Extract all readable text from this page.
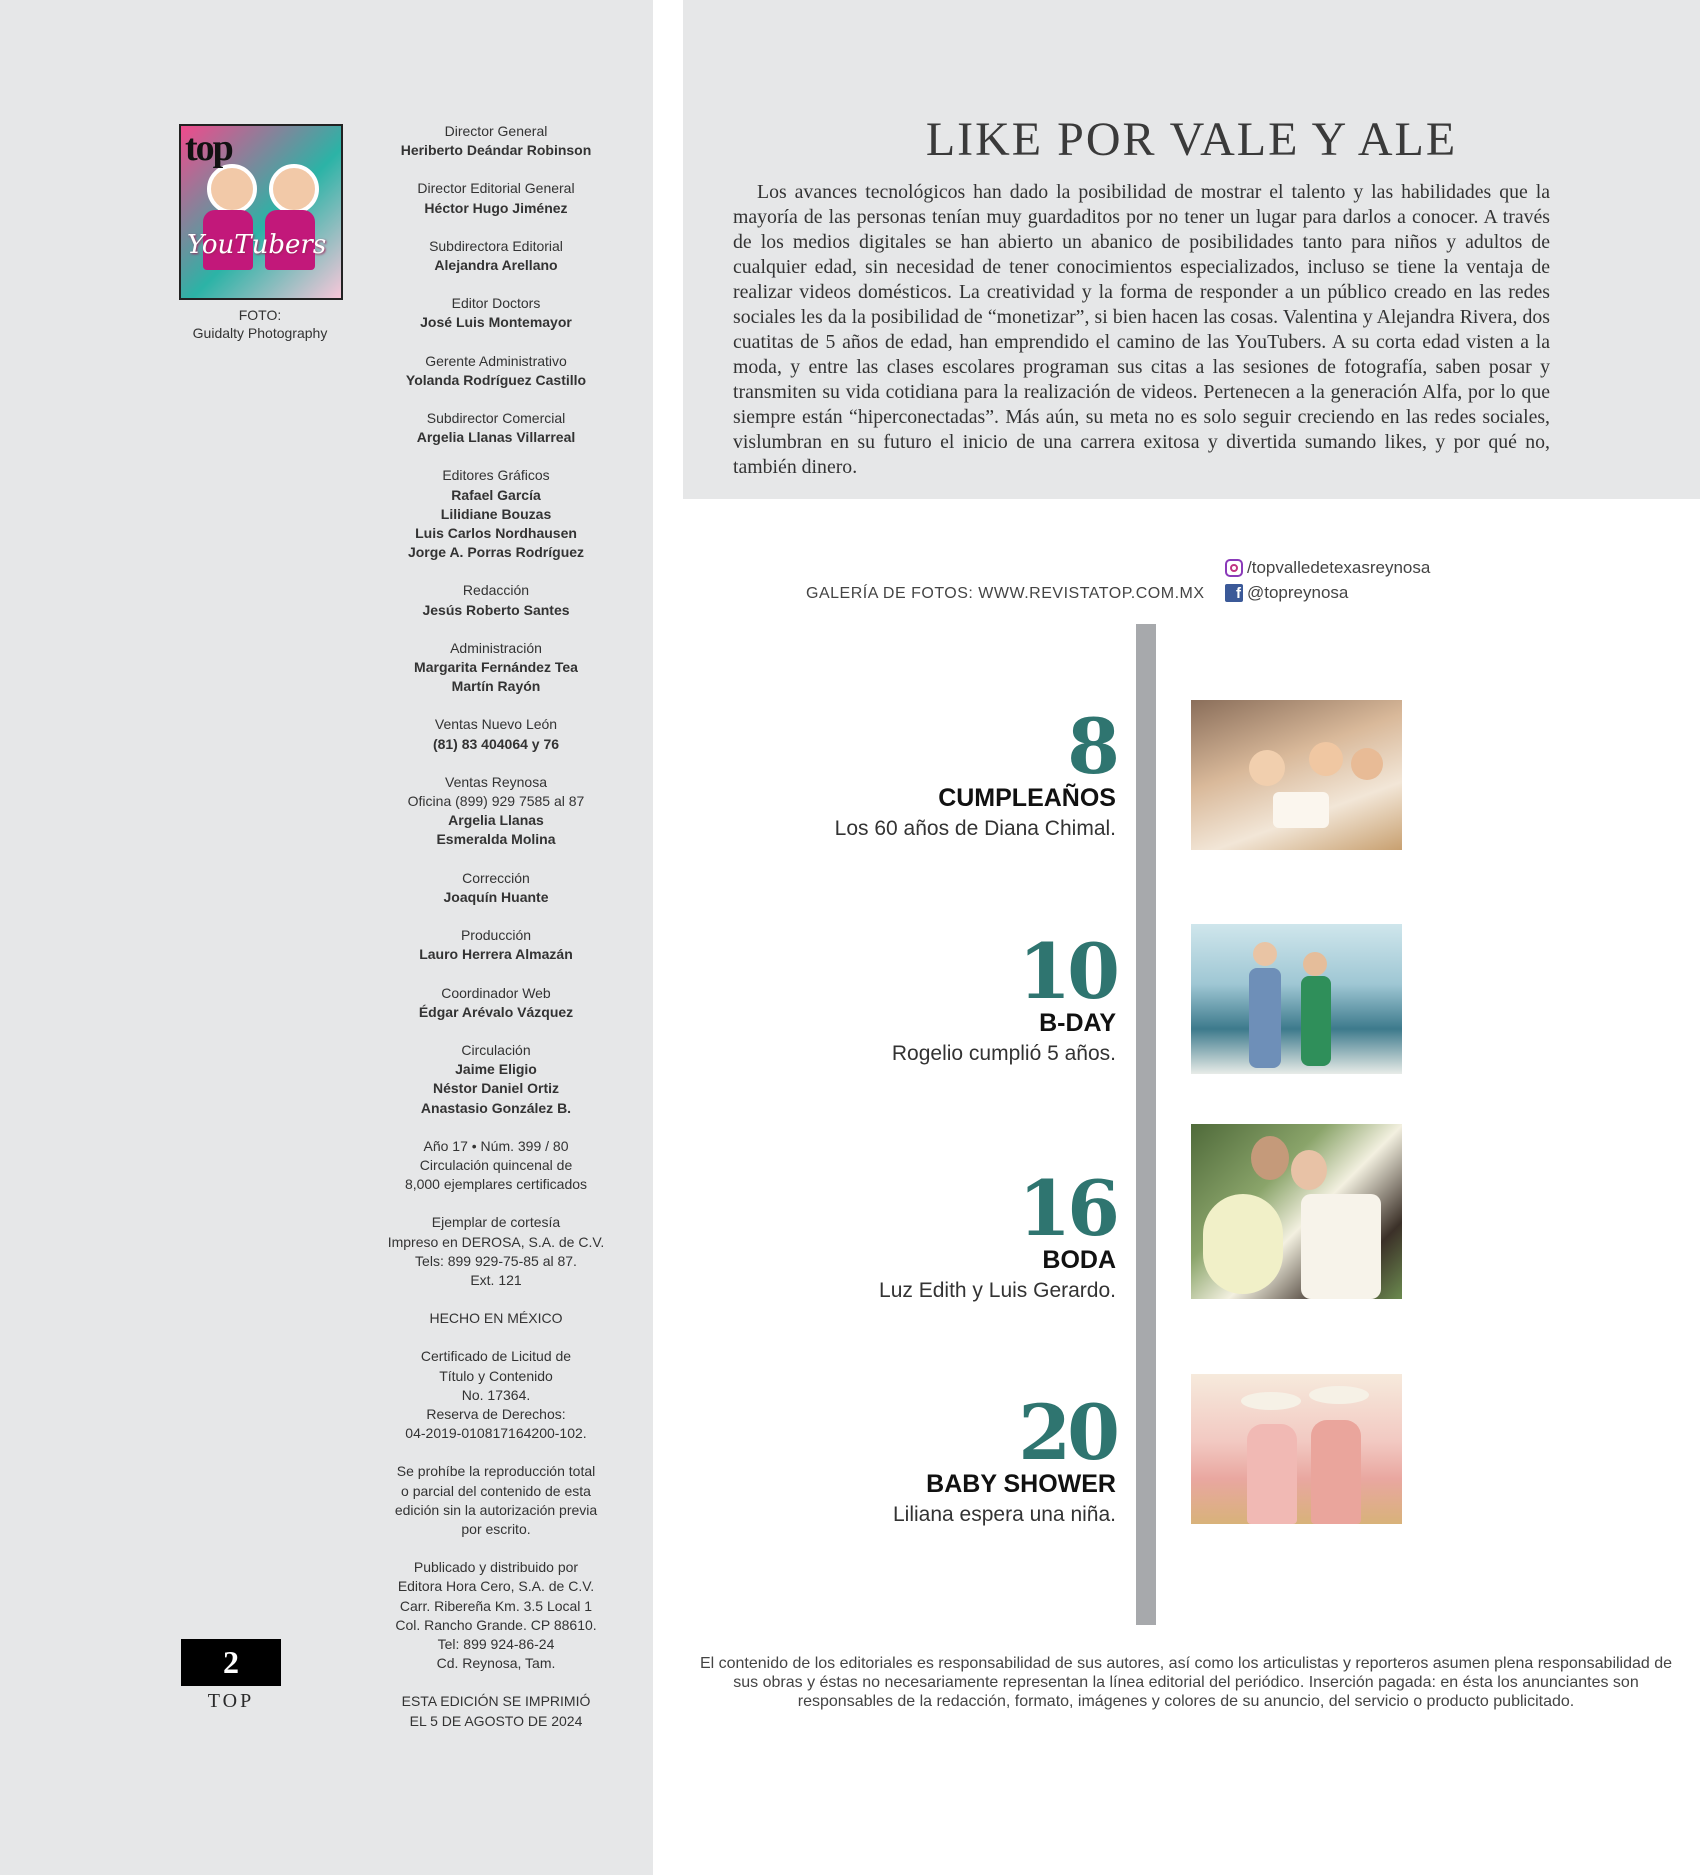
top
YouTubers
FOTO:
Guidalty Photography
Director General
Heriberto Deándar Robinson
Director Editorial General
Héctor Hugo Jiménez
Subdirectora Editorial
Alejandra Arellano
Editor Doctors
José Luis Montemayor
Gerente Administrativo
Yolanda Rodríguez Castillo
Subdirector Comercial
Argelia Llanas Villarreal
Editores Gráficos
Rafael García
Lilidiane Bouzas
Luis Carlos Nordhausen
Jorge A. Porras Rodríguez
Redacción
Jesús Roberto Santes
Administración
Margarita Fernández Tea
Martín Rayón
Ventas Nuevo León
(81) 83 404064 y 76
Ventas Reynosa
Oficina (899) 929 7585 al 87
Argelia Llanas
Esmeralda Molina
Corrección
Joaquín Huante
Producción
Lauro Herrera Almazán
Coordinador Web
Édgar Arévalo Vázquez
Circulación
Jaime Eligio
Néstor Daniel Ortiz
Anastasio González B.
Año 17 • Núm. 399 / 80
Circulación quincenal de
8,000 ejemplares certificados
Ejemplar de cortesía
Impreso en DEROSA, S.A. de C.V.
Tels: 899 929-75-85 al 87.
Ext. 121
HECHO EN MÉXICO
Certificado de Licitud de
Título y Contenido
No. 17364.
Reserva de Derechos:
04-2019-010817164200-102.
Se prohíbe la reproducción total
o parcial del contenido de esta
edición sin la autorización previa
por escrito.
Publicado y distribuido por
Editora Hora Cero, S.A. de C.V.
Carr. Ribereña Km. 3.5 Local 1
Col. Rancho Grande. CP 88610.
Tel: 899 924-86-24
Cd. Reynosa, Tam.
ESTA EDICIÓN SE IMPRIMIÓ
EL 5 DE AGOSTO DE 2024
2
TOP
LIKE POR VALE Y ALE

Los avances tecnológicos han dado la posibilidad de mostrar el talento y las habilidades que la mayoría de las personas tenían muy guardaditos por no tener un lugar para darlos a conocer. A través de los medios digitales se han abierto un abanico de posibilidades tanto para niños y adultos de cualquier edad, sin necesidad de tener conocimientos especializados, incluso se tiene la ventaja de realizar videos domésticos. La creatividad y la forma de responder a un público creado en las redes sociales les da la posibilidad de “monetizar”, si bien hacen las cosas. Valentina y Alejandra Rivera, dos cuatitas de 5 años de edad, han emprendido el camino de las YouTubers. A su corta edad visten a la moda, y entre las clases escolares programan sus citas a las sesiones de fotografía, saben posar y transmiten su vida cotidiana para la realización de videos. Pertenecen a la generación Alfa, por lo que siempre están “hiperconectadas”. Más aún, su meta no es solo seguir creciendo en las redes sociales, vislumbran en su futuro el inicio de una carrera exitosa y divertida sumando likes, y por qué no, también dinero.

GALERÍA DE FOTOS: WWW.REVISTATOP.COM.MX
/topvalledetexasreynosa
f @topreynosa
8
CUMPLEAÑOS
Los 60 años de Diana Chimal.
10
B-DAY
Rogelio cumplió 5 años.
16
BODA
Luz Edith y Luis Gerardo.
20
BABY SHOWER
Liliana espera una niña.
El contenido de los editoriales es responsabilidad de sus autores, así como los articulistas y reporteros asumen plena responsabilidad de sus obras y éstas no necesariamente representan la línea editorial del periódico. Inserción pagada: en ésta los anunciantes son responsables de la redacción, formato, imágenes y colores de su anuncio, del servicio o producto publicitado.
